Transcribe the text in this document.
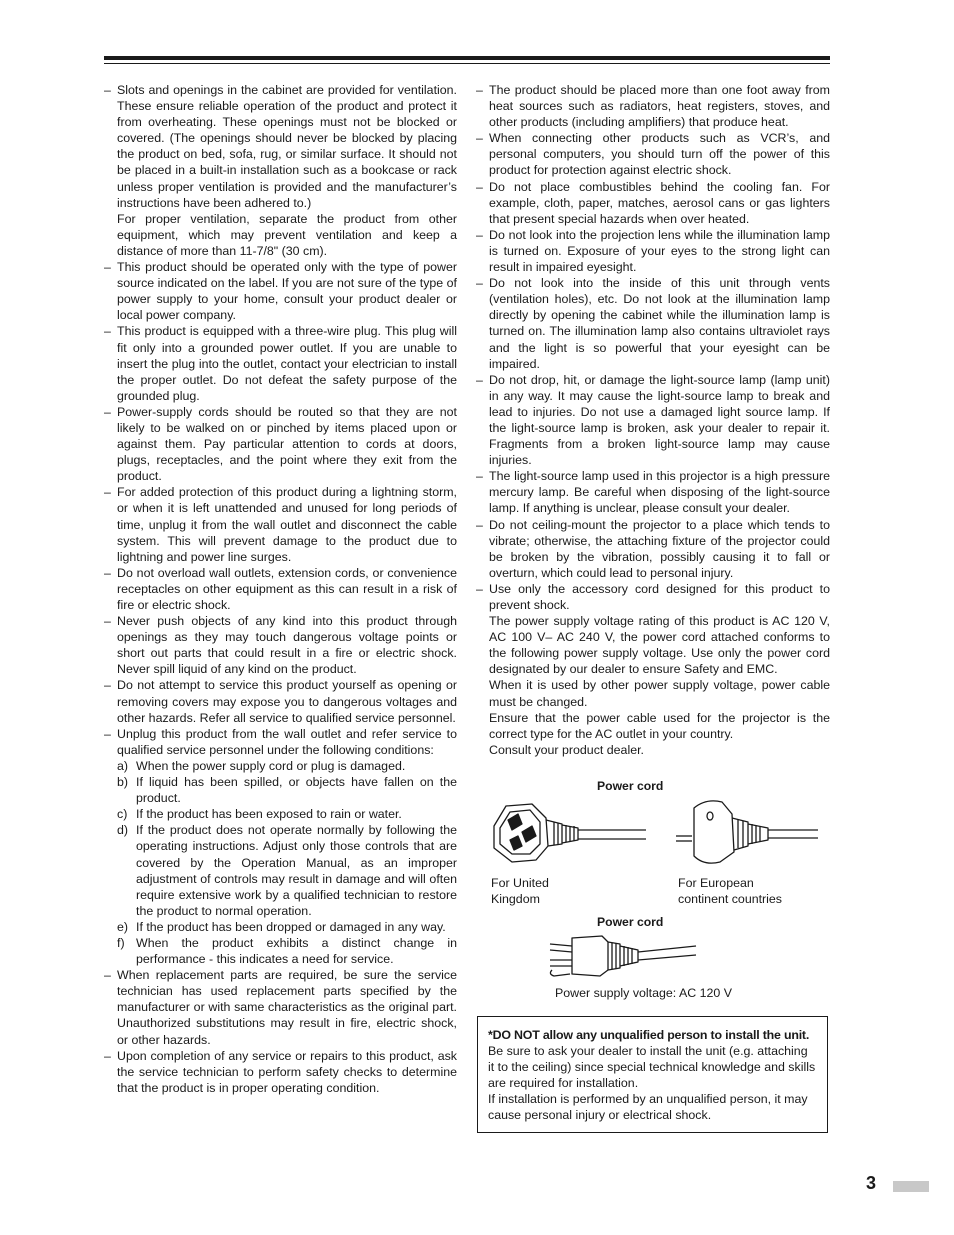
– Slots and openings in the cabinet are provided for ventilation. These ensure reliable operation of the product and protect it from overheating. These openings must not be blocked or covered. (The openings should never be blocked by placing the product on bed, sofa, rug, or similar surface. It should not be placed in a built-in installation such as a bookcase or rack unless proper ventilation is provided and the manufacturer’s instructions have been adhered to.)

For proper ventilation, separate the product from other equipment, which may prevent ventilation and keep a distance of more than 11-7/8" (30 cm).

– This product should be operated only with the type of power source indicated on the label. If you are not sure of the type of power supply to your home, consult your product dealer or local power company.

– This product is equipped with a three-wire plug. This plug will fit only into a grounded power outlet. If you are unable to insert the plug into the outlet, contact your electrician to install the proper outlet. Do not defeat the safety purpose of the grounded plug.

– Power-supply cords should be routed so that they are not likely to be walked on or pinched by items placed upon or against them. Pay particular attention to cords at doors, plugs, receptacles, and the point where they exit from the product.

– For added protection of this product during a lightning storm, or when it is left unattended and unused for long periods of time, unplug it from the wall outlet and disconnect the cable system. This will prevent damage to the product due to lightning and power line surges.

– Do not overload wall outlets, extension cords, or convenience receptacles on other equipment as this can result in a risk of fire or electric shock.

– Never push objects of any kind into this product through openings as they may touch dangerous voltage points or short out parts that could result in a fire or electric shock. Never spill liquid of any kind on the product.

– Do not attempt to service this product yourself as opening or removing covers may expose you to dangerous voltages and other hazards. Refer all service to qualified service personnel.

– Unplug this product from the wall outlet and refer service to qualified service personnel under the following conditions:

a) When the power supply cord or plug is damaged.

b) If liquid has been spilled, or objects have fallen on the product.

c) If the product has been exposed to rain or water.

d) If the product does not operate normally by following the operating instructions. Adjust only those controls that are covered by the Operation Manual, as an improper adjustment of controls may result in damage and will often require extensive work by a qualified technician to restore the product to normal operation.

e) If the product has been dropped or damaged in any way.

f) When the product exhibits a distinct change in performance - this indicates a need for service.

– When replacement parts are required, be sure the service technician has used replacement parts specified by the manufacturer or with same characteristics as the original part. Unauthorized substitutions may result in fire, electric shock, or other hazards.

– Upon completion of any service or repairs to this product, ask the service technician to perform safety checks to determine that the product is in proper operating condition.

– The product should be placed more than one foot away from heat sources such as radiators, heat registers, stoves, and other products (including amplifiers) that produce heat.

– When connecting other products such as VCR’s, and personal computers, you should turn off the power of this product for protection against electric shock.

– Do not place combustibles behind the cooling fan. For example, cloth, paper, matches, aerosol cans or gas lighters that present special hazards when over heated.

– Do not look into the projection lens while the illumination lamp is turned on. Exposure of your eyes to the strong light can result in impaired eyesight.

– Do not look into the inside of this unit through vents (ventilation holes), etc. Do not look at the illumination lamp directly by opening the cabinet while the illumination lamp is turned on. The illumination lamp also contains ultraviolet rays and the light is so powerful that your eyesight can be impaired.

– Do not drop, hit, or damage the light-source lamp (lamp unit) in any way. It may cause the light-source lamp to break and lead to injuries. Do not use a damaged light source lamp. If the light-source lamp is broken, ask your dealer to repair it. Fragments from a broken light-source lamp may cause injuries.

– The light-source lamp used in this projector is a high pressure mercury lamp. Be careful when disposing of the light-source lamp. If anything is unclear, please consult your dealer.

– Do not ceiling-mount the projector to a place which tends to vibrate; otherwise, the attaching fixture of the projector could be broken by the vibration, possibly causing it to fall or overturn, which could lead to personal injury.

– Use only the accessory cord designed for this product to prevent shock.

The power supply voltage rating of this product is AC 120 V, AC 100 V– AC 240 V, the power cord attached conforms to the following power supply voltage. Use only the power cord designated by our dealer to ensure Safety and EMC.

When it is used by other power supply voltage, power cable must be changed.

Ensure that the power cable used for the projector is the correct type for the AC outlet in your country.

Consult your product dealer.

Power cord
For United
Kingdom
For European
continent countries
Power cord
Power supply voltage: AC 120 V

*DO NOT allow any unqualified person to install the unit.

Be sure to ask your dealer to install the unit (e.g. attaching it to the ceiling) since special technical knowledge and skills are required for installation.

If installation is performed by an unqualified person, it may cause personal injury or electrical shock.

3
